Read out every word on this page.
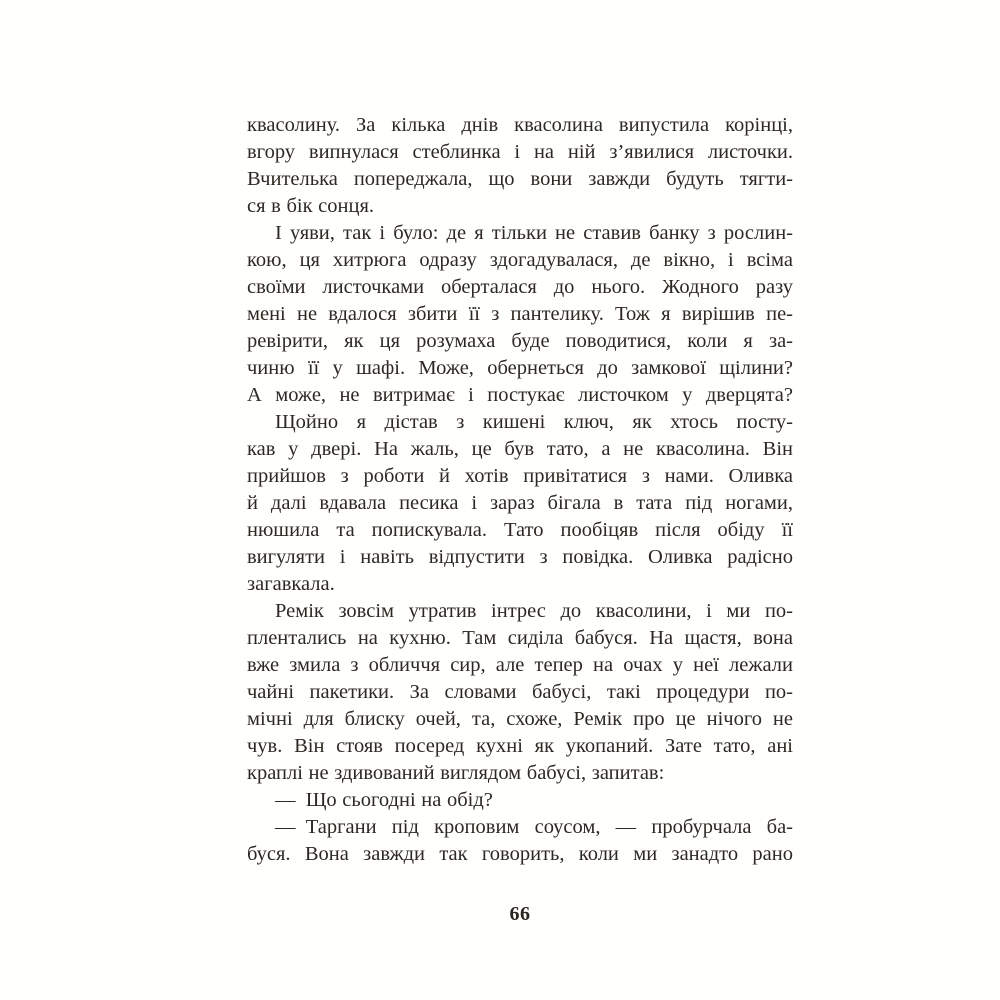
квасолину. За кілька днів квасолина випустила корінці,
вгору випнулася стеблинка і на ній з’явилися листочки.
Вчителька попереджала, що вони завжди будуть тягти-
ся в бік сонця.
І уяви, так і було: де я тільки не ставив банку з рослин-
кою, ця хитрюга одразу здогадувалася, де вікно, і всіма
своїми листочками оберталася до нього. Жодного разу
мені не вдалося збити її з пантелику. Тож я вирішив пе-
ревірити, як ця розумаха буде поводитися, коли я за-
чиню її у шафі. Може, обернеться до замкової щілини?
А може, не витримає і постукає листочком у дверцята?
Щойно я дістав з кишені ключ, як хтось посту-
кав у двері. На жаль, це був тато, а не квасолина. Він
прийшов з роботи й хотів привітатися з нами. Оливка
й далі вдавала песика і зараз бігала в тата під ногами,
нюшила та попискувала. Тато пообіцяв після обіду її
вигуляти і навіть відпустити з повідка. Оливка радісно
загавкала.
Ремік зовсім утратив інтрес до квасолини, і ми по-
плентались на кухню. Там сиділа бабуся. На щастя, вона
вже змила з обличчя сир, але тепер на очах у неї лежали
чайні пакетики. За словами бабусі, такі процедури по-
мічні для блиску очей, та, схоже, Ремік про це нічого не
чув. Він стояв посеред кухні як укопаний. Зате тато, ані
краплі не здивований виглядом бабусі, запитав:
— Що сьогодні на обід?
— Таргани під кроповим соусом, — пробурчала ба-
буся. Вона завжди так говорить, коли ми занадто рано
66
